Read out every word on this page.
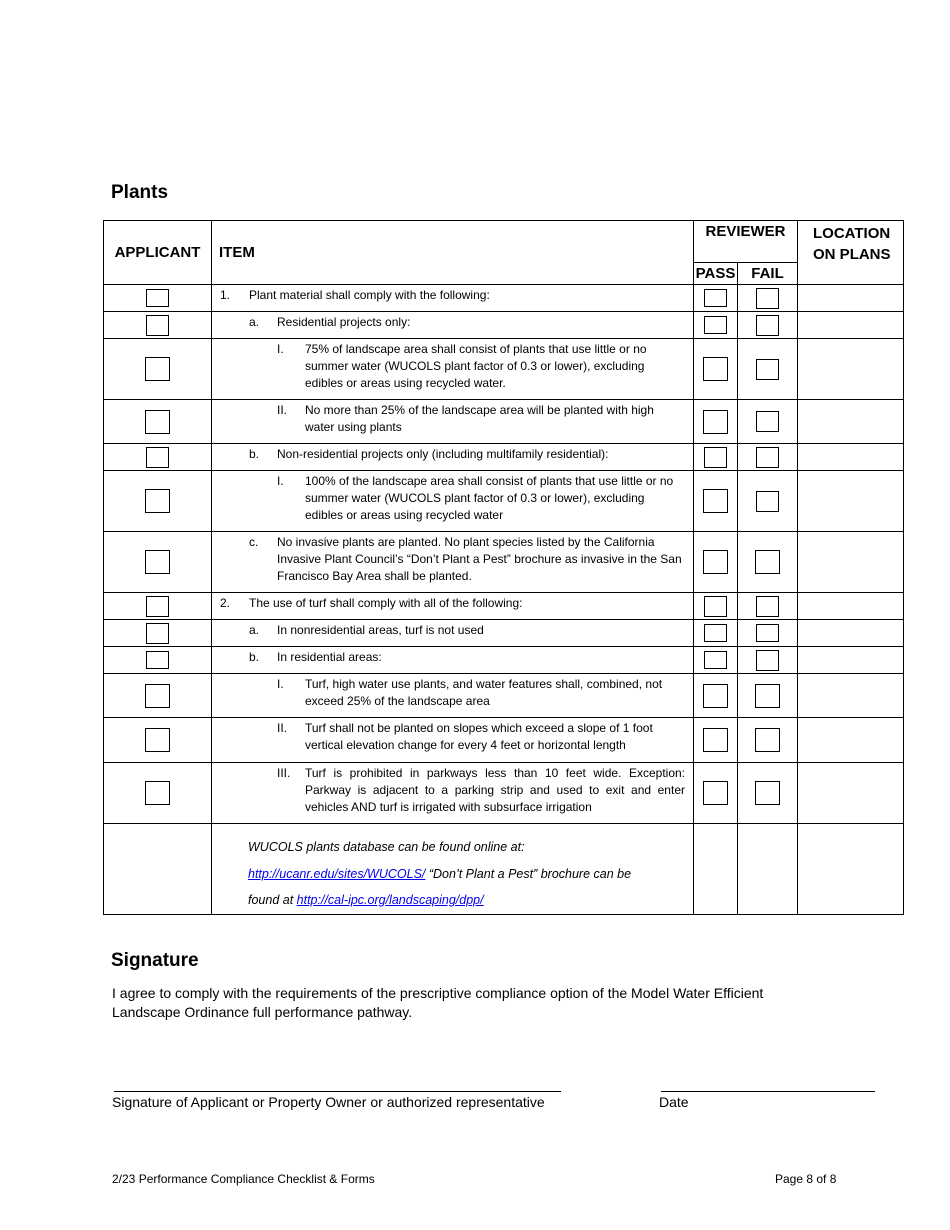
Plants
APPLICANT	ITEM	REVIEWER		LOCATION
ON PLANS
		PASS	FAIL	

	1. Plant material shall comply with the following:			

	a. Residential projects only:			

	I. 75% of landscape area shall consist of plants that use little or no summer water (WUCOLS plant factor of 0.3 or lower), excluding edibles or areas using recycled water.			

	II. No more than 25% of the landscape area will be planted with high water using plants			

	b. Non-residential projects only (including multifamily residential):			

	I. 100% of the landscape area shall consist of plants that use little or no summer water (WUCOLS plant factor of 0.3 or lower), excluding edibles or areas using recycled water			

	c. No invasive plants are planted. No plant species listed by the California Invasive Plant Council’s “Don’t Plant a Pest” brochure as invasive in the San Francisco Bay Area shall be planted.			

	2. The use of turf shall comply with all of the following:			

	a. In nonresidential areas, turf is not used			

	b. In residential areas:			

	I. Turf, high water use plants, and water features shall, combined, not exceed 25% of the landscape area			

	II. Turf shall not be planted on slopes which exceed a slope of 1 foot vertical elevation change for every 4 feet or horizontal length			

	III. Turf is prohibited in parkways less than 10 feet wide. Exception: Parkway is adjacent to a parking strip and used to exit and enter vehicles AND turf is irrigated with subsurface irrigation			

	WUCOLS plants database can be found online at:
http://ucanr.edu/sites/WUCOLS/ “Don’t Plant a Pest” brochure can be
found at http://cal-ipc.org/landscaping/dpp/			

Signature

I agree to comply with the requirements of the prescriptive compliance option of the Model Water Efficient Landscape Ordinance full performance pathway.

Signature of Applicant or Property Owner or authorized representative	Date
2/23 Performance Compliance Checklist & Forms	Page 8 of 8
